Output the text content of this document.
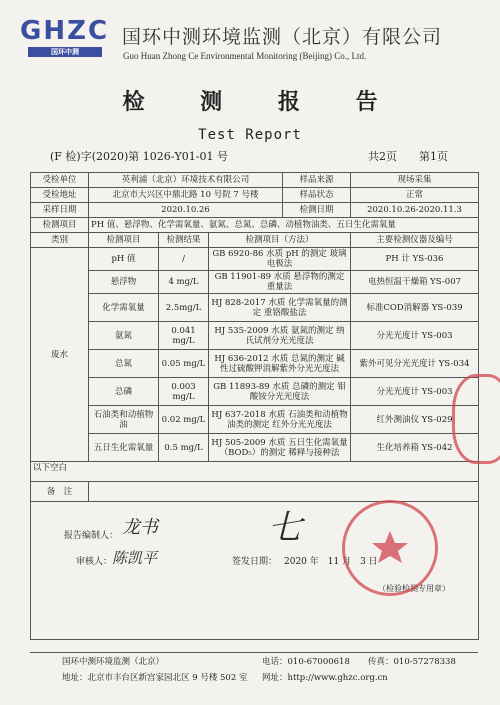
GHZC
国环中测
国环中测环境监测（北京）有限公司
Guo Huan Zhong Ce Environmental Monitoring (Beijing) Co., Ltd.
检 测 报 告
Test Report
(F 检)字(2020)第 1026-Y01-01 号	共2页 第1页
受检单位	英利浦（北京）环境技术有限公司			样品来源	现场采集
受检地址	北京市大兴区中鼎北路 10 号院 7 号楼			样品状态	正常
采样日期	2020.10.26			检测日期	2020.10.26-2020.11.3
检测项目	PH 值、悬浮物、化学需氧量、氨氮、总氮、总磷、动植物油类、五日生化需氧量				
类别	检测项目	检测结果	检测项目（方法）		主要检测仪器及编号
废水	pH 值	/	GB 6920-86 水质 pH 的测定 玻璃电极法		PH 计 YS-036
	悬浮物	4 mg/L	GB 11901-89 水质 悬浮物的测定 重量法		电热恒温干燥箱 YS-007
	化学需氧量	2.5mg/L	HJ 828-2017 水质 化学需氧量的测定 重铬酸盐法		标准COD消解器 YS-039
	氨氮	0.041 mg/L	HJ 535-2009 水质 氨氮的测定 纳氏试剂分光光度法		分光光度计 YS-003
	总氮	0.05 mg/L	HJ 636-2012 水质 总氮的测定 碱性过硫酸钾消解紫外分光光度法		紫外可见分光光度计 YS-034
	总磷	0.003 mg/L	GB 11893-89 水质 总磷的测定 钼酸铵分光光度法		分光光度计 YS-003
	石油类和动植物油	0.02 mg/L	HJ 637-2018 水质 石油类和动植物油类的测定 红外分光光度法		红外测油仪 YS-029
	五日生化需氧量	0.5 mg/L	HJ 505-2009 水质 五日生化需氧量（BOD₅）的测定 稀释与接种法		生化培养箱 YS-042
以下空白					
备　注					

报告编制人： 龙书
审核人： 陈凯平	签发日期： 2020 年　11 月　3 日
七
（检验检测专用章）
国环中测环境监测（北京）	电话：010-67000618 传真：010-57278338
地址：北京市丰台区新宫家园北区 9 号楼 502 室 网址：http://www.ghzc.org.cn
